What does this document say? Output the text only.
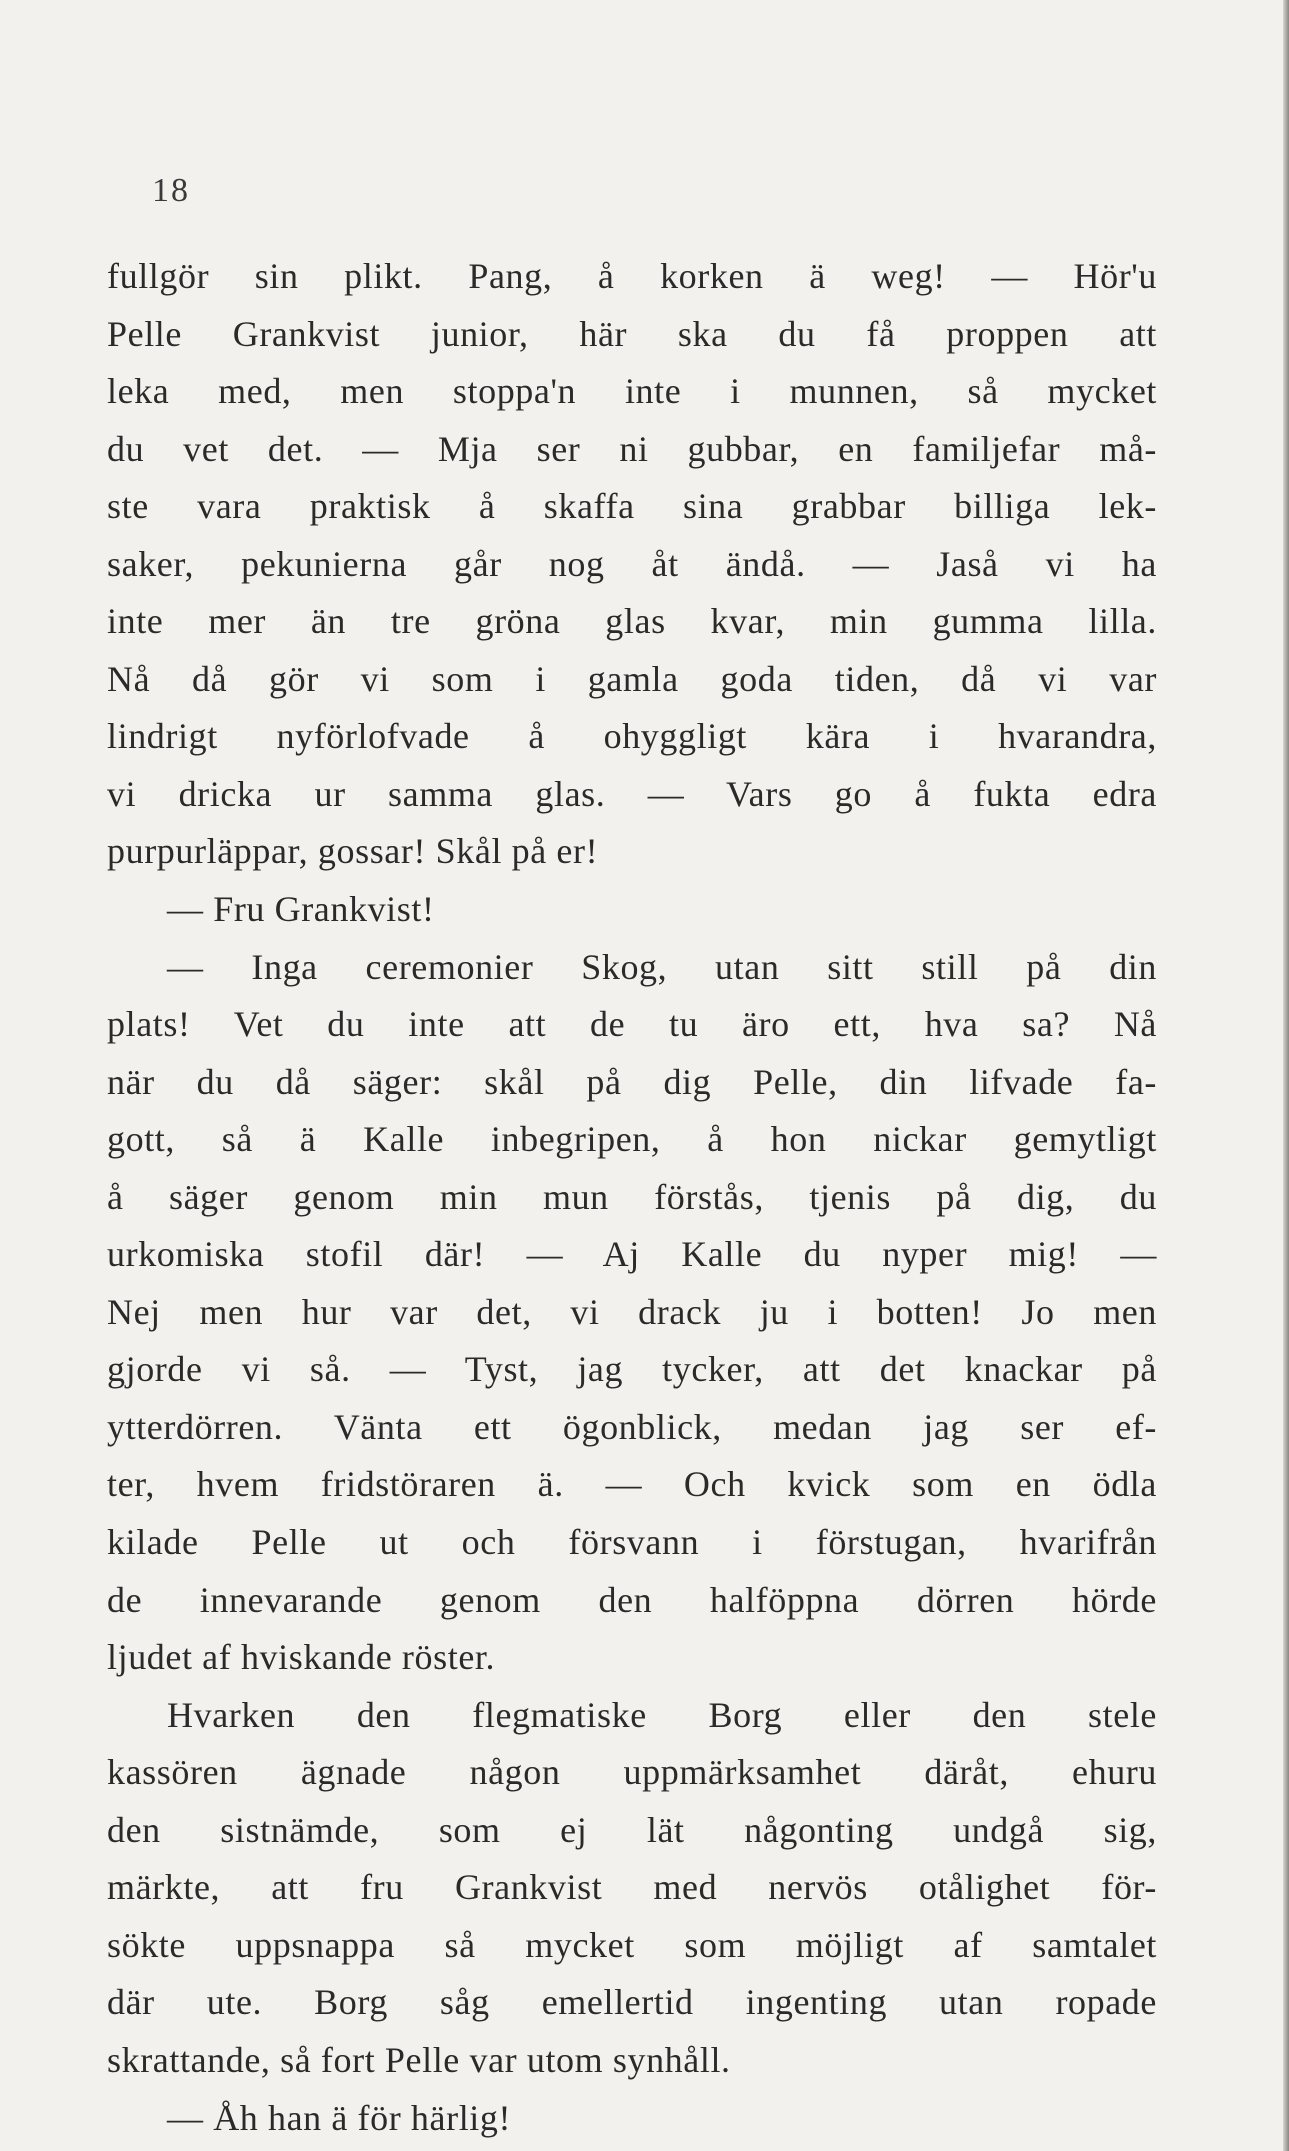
18
fullgör sin plikt. Pang, å korken ä weg! — Hör'u
Pelle Grankvist junior, här ska du få proppen att
leka med, men stoppa'n inte i munnen, så mycket
du vet det. — Mja ser ni gubbar, en familjefar må-
ste vara praktisk å skaffa sina grabbar billiga lek-
saker, pekunierna går nog åt ändå. — Jaså vi ha
inte mer än tre gröna glas kvar, min gumma lilla.
Nå då gör vi som i gamla goda tiden, då vi var
lindrigt nyförlofvade å ohyggligt kära i hvarandra,
vi dricka ur samma glas. — Vars go å fukta edra
purpurläppar, gossar! Skål på er!
— Fru Grankvist!
— Inga ceremonier Skog, utan sitt still på din
plats! Vet du inte att de tu äro ett, hva sa? Nå
när du då säger: skål på dig Pelle, din lifvade fa-
gott, så ä Kalle inbegripen, å hon nickar gemytligt
å säger genom min mun förstås, tjenis på dig, du
urkomiska stofil där! — Aj Kalle du nyper mig! —
Nej men hur var det, vi drack ju i botten! Jo men
gjorde vi så. — Tyst, jag tycker, att det knackar på
ytterdörren. Vänta ett ögonblick, medan jag ser ef-
ter, hvem fridstöraren ä. — Och kvick som en ödla
kilade Pelle ut och försvann i förstugan, hvarifrån
de innevarande genom den halföppna dörren hörde
ljudet af hviskande röster.
Hvarken den flegmatiske Borg eller den stele
kassören ägnade någon uppmärksamhet däråt, ehuru
den sistnämde, som ej lät någonting undgå sig,
märkte, att fru Grankvist med nervös otålighet för-
sökte uppsnappa så mycket som möjligt af samtalet
där ute. Borg såg emellertid ingenting utan ropade
skrattande, så fort Pelle var utom synhåll.
— Åh han ä för härlig!
